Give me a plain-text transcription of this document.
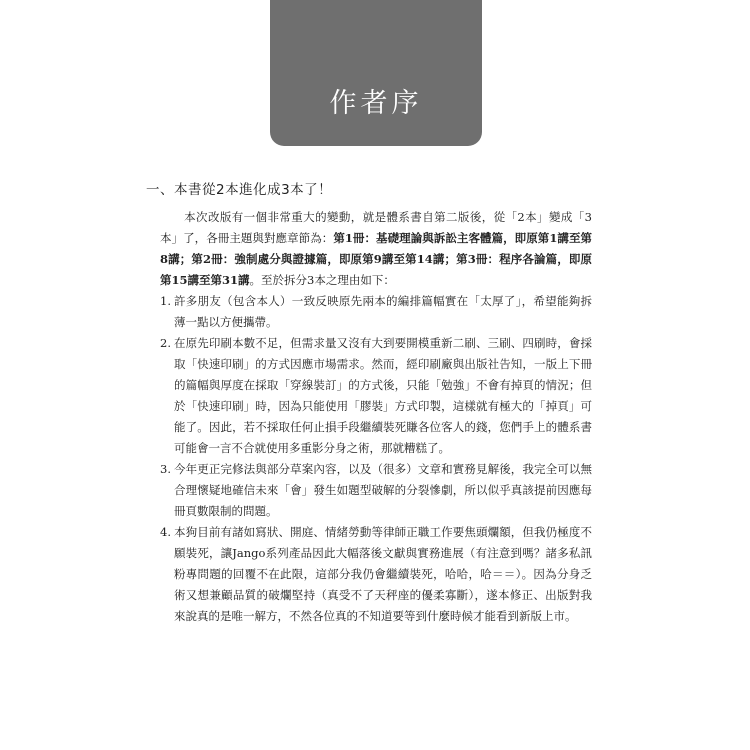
作者序
一、本書從2本進化成3本了！

本次改版有一個非常重大的變動，就是體系書自第二版後，從「2本」變成「3本」了，各冊主題與對應章節為：第1冊：基礎理論與訴訟主客體篇，即原第1講至第8講；第2冊：強制處分與證據篇，即原第9講至第14講；第3冊：程序各論篇，即原第15講至第31講。至於拆分3本之理由如下：

1. 許多朋友（包含本人）一致反映原先兩本的編排篇幅實在「太厚了」，希望能夠拆薄一點以方便攜帶。
2. 在原先印刷本數不足，但需求量又沒有大到要開模重新二刷、三刷、四刷時，會採取「快速印刷」的方式因應市場需求。然而，經印刷廠與出版社告知，一版上下冊的篇幅與厚度在採取「穿線裝訂」的方式後，只能「勉強」不會有掉頁的情況；但於「快速印刷」時，因為只能使用「膠裝」方式印製，這樣就有極大的「掉頁」可能了。因此，若不採取任何止損手段繼續裝死賺各位客人的錢，您們手上的體系書可能會一言不合就使用多重影分身之術，那就糟糕了。
3. 今年更正完修法與部分草案內容，以及（很多）文章和實務見解後，我完全可以無合理懷疑地確信未來「會」發生如題型破解的分裂慘劇，所以似乎真該提前因應每冊頁數限制的問題。
4. 本狗目前有諸如寫狀、開庭、情緒勞動等律師正職工作要焦頭爛額，但我仍極度不願裝死，讓Jango系列產品因此大幅落後文獻與實務進展（有注意到嗎？諸多私訊粉專問題的回覆不在此限，這部分我仍會繼續裝死，哈哈，哈＝＝）。因為分身乏術又想兼顧品質的破爛堅持（真受不了天秤座的優柔寡斷），遂本修正、出版對我來說真的是唯一解方，不然各位真的不知道要等到什麼時候才能看到新版上市。
